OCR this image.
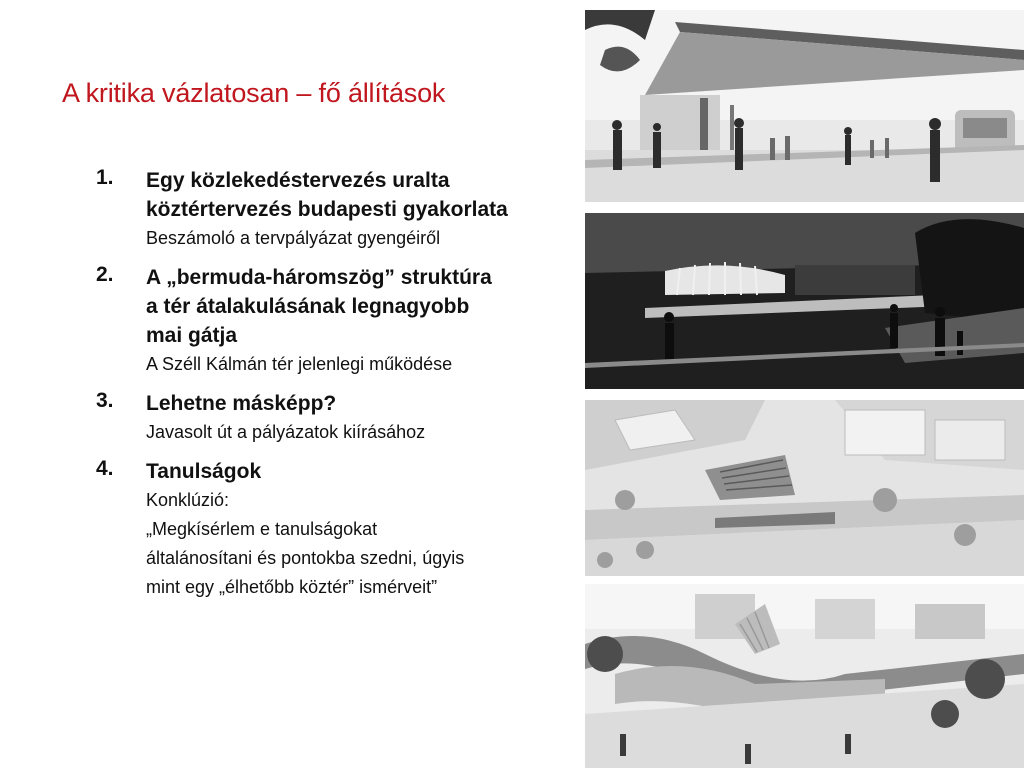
A kritika vázlatosan – fő állítások
1. Egy közlekedéstervezés uralta
köztértervezés budapesti gyakorlata
Beszámoló a tervpályázat gyengéiről
2. A „bermuda-háromszög” struktúra
a tér átalakulásának legnagyobb
mai gátja
A Széll Kálmán tér jelenlegi működése
3. Lehetne másképp?
Javasolt út a pályázatok kiírásához
4. Tanulságok
Konklúzió:
„Megkísérlem e tanulságokat
általánosítani és pontokba szedni, úgyis
mint egy „élhetőbb köztér” ismérveit”
